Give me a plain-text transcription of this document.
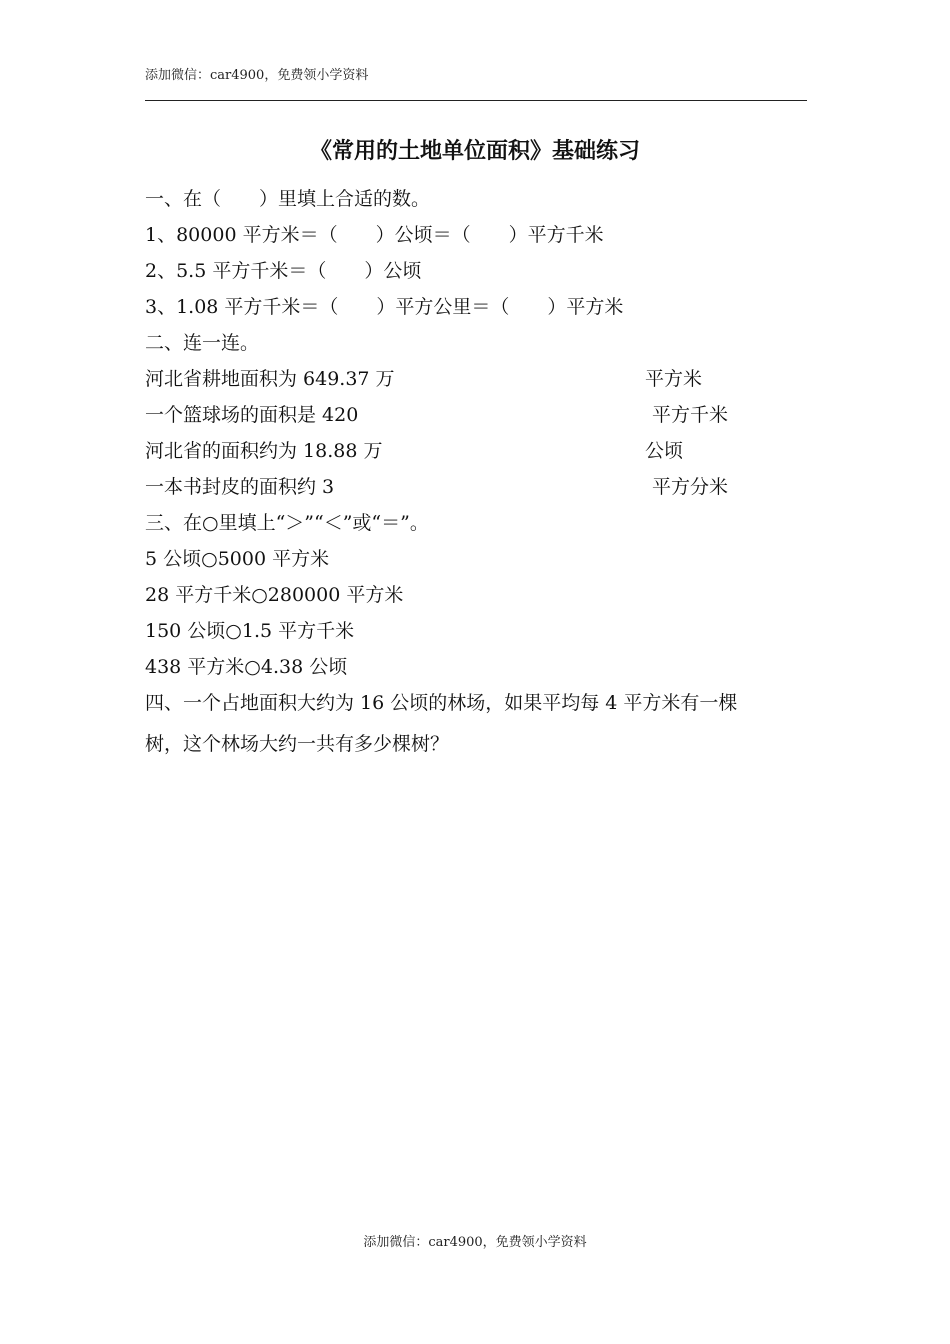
添加微信：car4900，免费领小学资料
《常用的土地单位面积》基础练习
一、在（　　）里填上合适的数。
1、80000 平方米＝（　　）公顷＝（　　）平方千米
2、5.5 平方千米＝（　　）公顷
3、1.08 平方千米＝（　　）平方公里＝（　　）平方米
二、连一连。
河北省耕地面积为 649.37 万	平方米
一个篮球场的面积是 420	平方千米
河北省的面积约为 18.88 万	公顷
一本书封皮的面积约 3	平方分米
三、在○里填上“＞”“＜”或“＝”。
5 公顷○5000 平方米
28 平方千米○280000 平方米
150 公顷○1.5 平方千米
438 平方米○4.38 公顷
四、一个占地面积大约为 16 公顷的林场，如果平均每 4 平方米有一棵
树，这个林场大约一共有多少棵树？
添加微信：car4900，免费领小学资料
